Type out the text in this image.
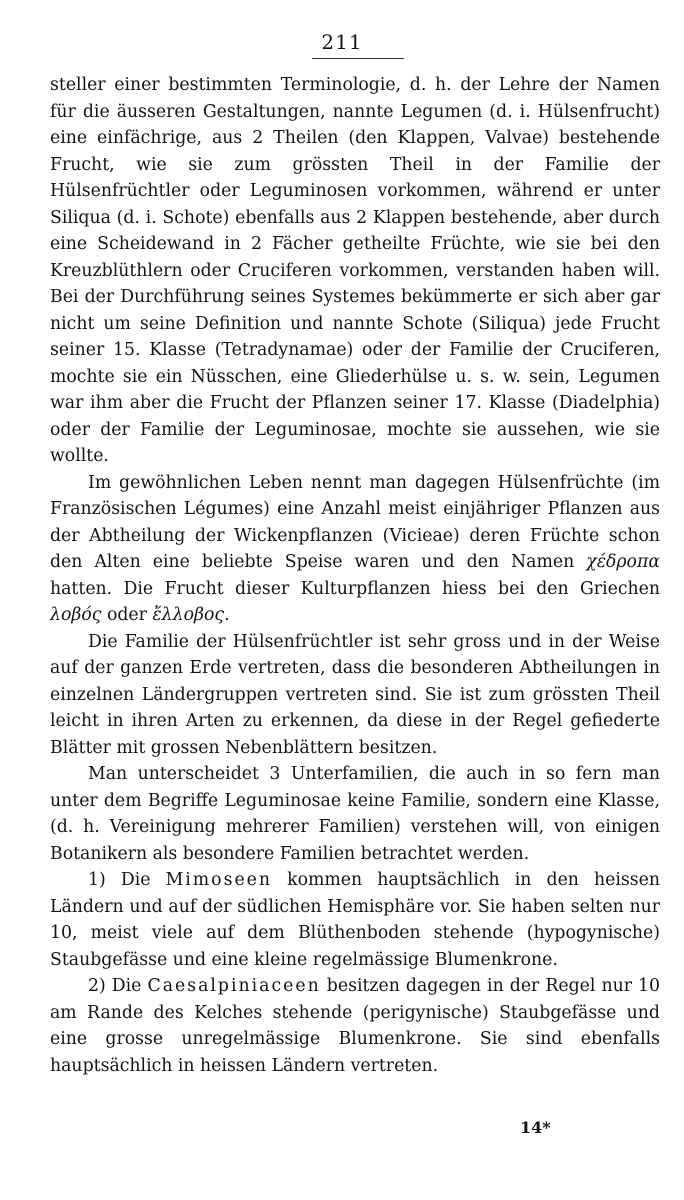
211

steller einer bestimmten Terminologie, d. h. der Lehre der Namen für die äusseren Gestaltungen, nannte Legumen (d. i. Hülsenfrucht) eine einfächrige, aus 2 Theilen (den Klappen, Valvae) bestehende Frucht, wie sie zum grössten Theil in der Familie der Hülsenfrüchtler oder Leguminosen vorkommen, während er unter Siliqua (d. i. Schote) ebenfalls aus 2 Klappen bestehende, aber durch eine Scheidewand in 2 Fächer getheilte Früchte, wie sie bei den Kreuzblüthlern oder Cruciferen vorkommen, verstanden haben will. Bei der Durchführung seines Systemes bekümmerte er sich aber gar nicht um seine Definition und nannte Schote (Siliqua) jede Frucht seiner 15. Klasse (Tetradynamae) oder der Familie der Cruciferen, mochte sie ein Nüsschen, eine Gliederhülse u. s. w. sein, Legumen war ihm aber die Frucht der Pflanzen seiner 17. Klasse (Diadelphia) oder der Familie der Leguminosae, mochte sie aussehen, wie sie wollte.

Im gewöhnlichen Leben nennt man dagegen Hülsenfrüchte (im Französischen Légumes) eine Anzahl meist einjähriger Pflanzen aus der Abtheilung der Wickenpflanzen (Vicieae) deren Früchte schon den Alten eine beliebte Speise waren und den Namen χέδροπα hatten. Die Frucht dieser Kulturpflanzen hiess bei den Griechen λοβός oder ἔλλοβος.

Die Familie der Hülsenfrüchtler ist sehr gross und in der Weise auf der ganzen Erde vertreten, dass die besonderen Abtheilungen in einzelnen Ländergruppen vertreten sind. Sie ist zum grössten Theil leicht in ihren Arten zu erkennen, da diese in der Regel gefiederte Blätter mit grossen Nebenblättern besitzen.

Man unterscheidet 3 Unterfamilien, die auch in so fern man unter dem Begriffe Leguminosae keine Familie, sondern eine Klasse, (d. h. Vereinigung mehrerer Familien) verstehen will, von einigen Botanikern als besondere Familien betrachtet werden.

1) Die Mimoseen kommen hauptsächlich in den heissen Ländern und auf der südlichen Hemisphäre vor. Sie haben selten nur 10, meist viele auf dem Blüthenboden stehende (hypogynische) Staubgefässe und eine kleine regelmässige Blumenkrone.

2) Die Caesalpiniaceen besitzen dagegen in der Regel nur 10 am Rande des Kelches stehende (perigynische) Staubgefässe und eine grosse unregelmässige Blumenkrone. Sie sind ebenfalls hauptsächlich in heissen Ländern vertreten.

14*
